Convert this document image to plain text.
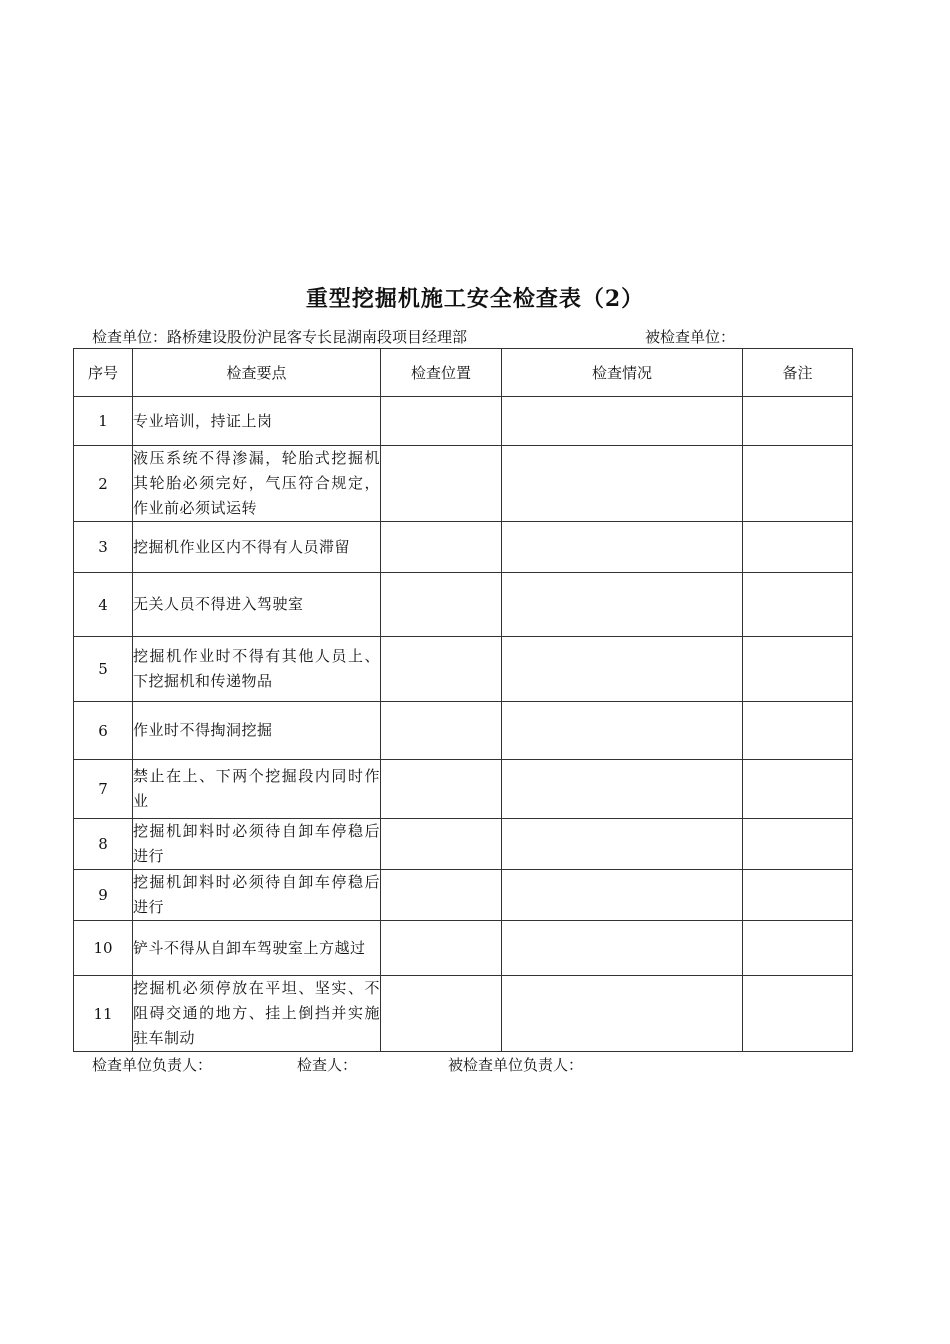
重型挖掘机施工安全检查表（2）
检查单位：路桥建设股份沪昆客专长昆湖南段项目经理部	被检查单位：
序号	检查要点	检查位置	检查情况	备注
1	专业培训，持证上岗			
2	液压系统不得渗漏，轮胎式挖掘机其轮胎必须完好，气压符合规定，作业前必须试运转			
3	挖掘机作业区内不得有人员滞留			
4	无关人员不得进入驾驶室			
5	挖掘机作业时不得有其他人员上、下挖掘机和传递物品			
6	作业时不得掏洞挖掘			
7	禁止在上、下两个挖掘段内同时作业			
8	挖掘机卸料时必须待自卸车停稳后进行			
9	挖掘机卸料时必须待自卸车停稳后进行			
10	铲斗不得从自卸车驾驶室上方越过			
11	挖掘机必须停放在平坦、坚实、不阻碍交通的地方、挂上倒挡并实施驻车制动			
检查单位负责人：	检查人：	被检查单位负责人：
